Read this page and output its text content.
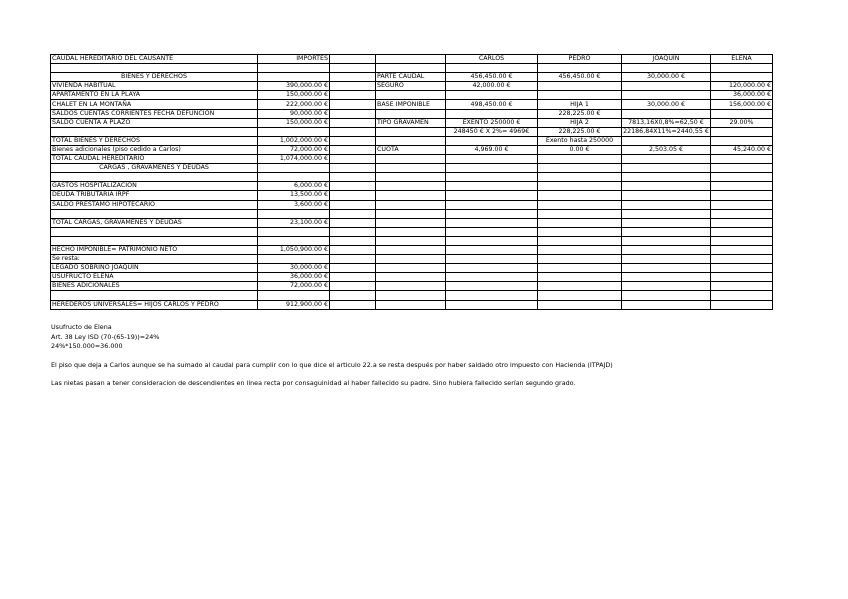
CAUDAL HEREDITARIO DEL CAUSANTE	IMPORTES			CARLOS	PEDRO	JOAQUIN	ELENA

BIENES Y DERECHOS			PARTE CAUDAL	456,450.00 €	456,450.00 €	30,000.00 €	
VIVIENDA HABITUAL	390,000.00 €		SEGURO	42,000.00 €			120,000.00 €
APARTAMENTO EN LA PLAYA	150,000.00 €						36,000.00 €
CHALET EN LA MONTAÑA	222,000.00 €		BASE IMPONIBLE	498,450.00 €	HIJA 1	30,000.00 €	156,000.00 €
SALDOS CUENTAS CORRIENTES FECHA DEFUNCIÓN	90,000.00 €				228,225.00 €		
SALDO CUENTA A PLAZO	150,000.00 €		TIPO GRAVAMEN	EXENTO 250000 €	HIJA 2	7813,16X0,8%=62,50 €	29.00%
				248450 € X 2%= 4969€	228,225.00 €	22186,84X11%=2440,55 €	
TOTAL BIENES Y DERECHOS	1,002,000.00 €				Exento hasta 250000		
Bienes adicionales (piso cedido a Carlos)	72,000.00 €		CUOTA	4,969.00 €	0.00 €	2,503.05 €	45,240.00 €
TOTAL CAUDAL HEREDITARIO	1,074,000.00 €						
CARGAS , GRAVÁMENES Y DEUDAS							

GASTOS HOSPITALIZACIÓN	6,000.00 €						
DEUDA TRIBUTARIA IRPF	13,500.00 €						
SALDO PRÉSTAMO HIPOTECARIO	3,600.00 €						

TOTAL CARGAS, GRAVÁMENES Y DEUDAS	23,100.00 €						

HECHO IMPONIBLE= PATRIMONIO NETO	1,050,900.00 €						
Se resta:							
LEGADO SOBRINO JOAQUIN	30,000.00 €						
USUFRUCTO ELENA	36,000.00 €						
BIENES ADICIONALES	72,000.00 €						

HEREDEROS UNIVERSALES= HIJOS CARLOS Y PEDRO	912,900.00 €						
Usufructo de Elena
Art. 38 Ley ISD (70-(65-19))=24%
24%*150.000=36.000
El piso que deja a Carlos aunque se ha sumado al caudal para cumplir con lo que dice el articulo 22.a se resta después por haber saldado otro impuesto con Hacienda (ITPAJD)
Las nietas pasan a tener consideracion de descendientes en linea recta por consaguinidad al haber fallecido su padre. Sino hubiera fallecido serían segundo grado.
